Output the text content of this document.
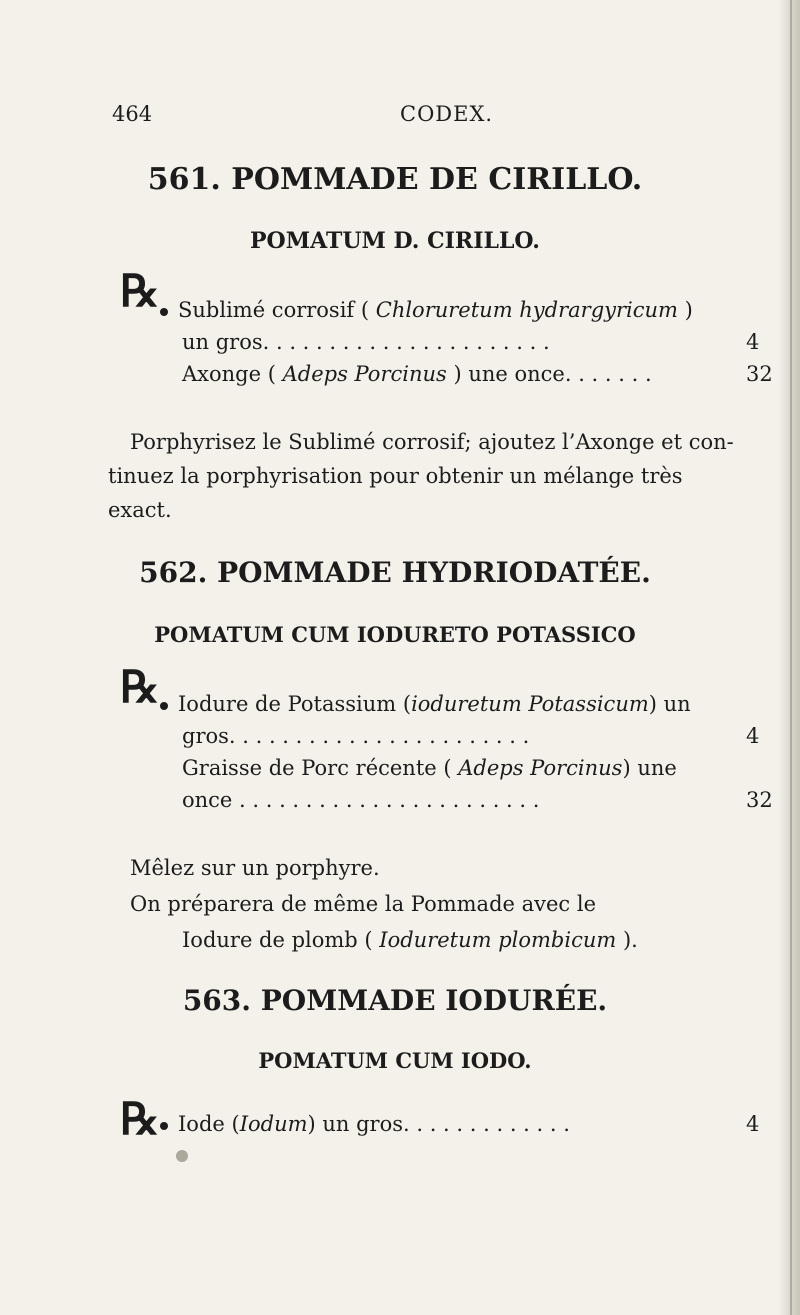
464	CODEX.
561. POMMADE DE CIRILLO.
POMATUM D. CIRILLO.
℞ Sublimé corrosif ( Chloruretum hydrargyricum )
un gros. . . . . . . . . . . . . . . . . . . . . .	4
Axonge ( Adeps Porcinus ) une once. . . . . . .	32
Porphyrisez le Sublimé corrosif; ajoutez l’Axonge et con-
tinuez la porphyrisation pour obtenir un mélange très
exact.
562. POMMADE HYDRIODATÉE.
POMATUM CUM IODURETO POTASSICO
℞ Iodure de Potassium (ioduretum Potassicum) un
gros. . . . . . . . . . . . . . . . . . . . . . .	4
Graisse de Porc récente ( Adeps Porcinus) une
once . . . . . . . . . . . . . . . . . . . . . . .	32
Mêlez sur un porphyre.
On préparera de même la Pommade avec le
Iodure de plomb ( Ioduretum plombicum ).
563. POMMADE IODURÉE.
POMATUM CUM IODO.
℞ Iode (Iodum) un gros. . . . . . . . . . . . .	4
